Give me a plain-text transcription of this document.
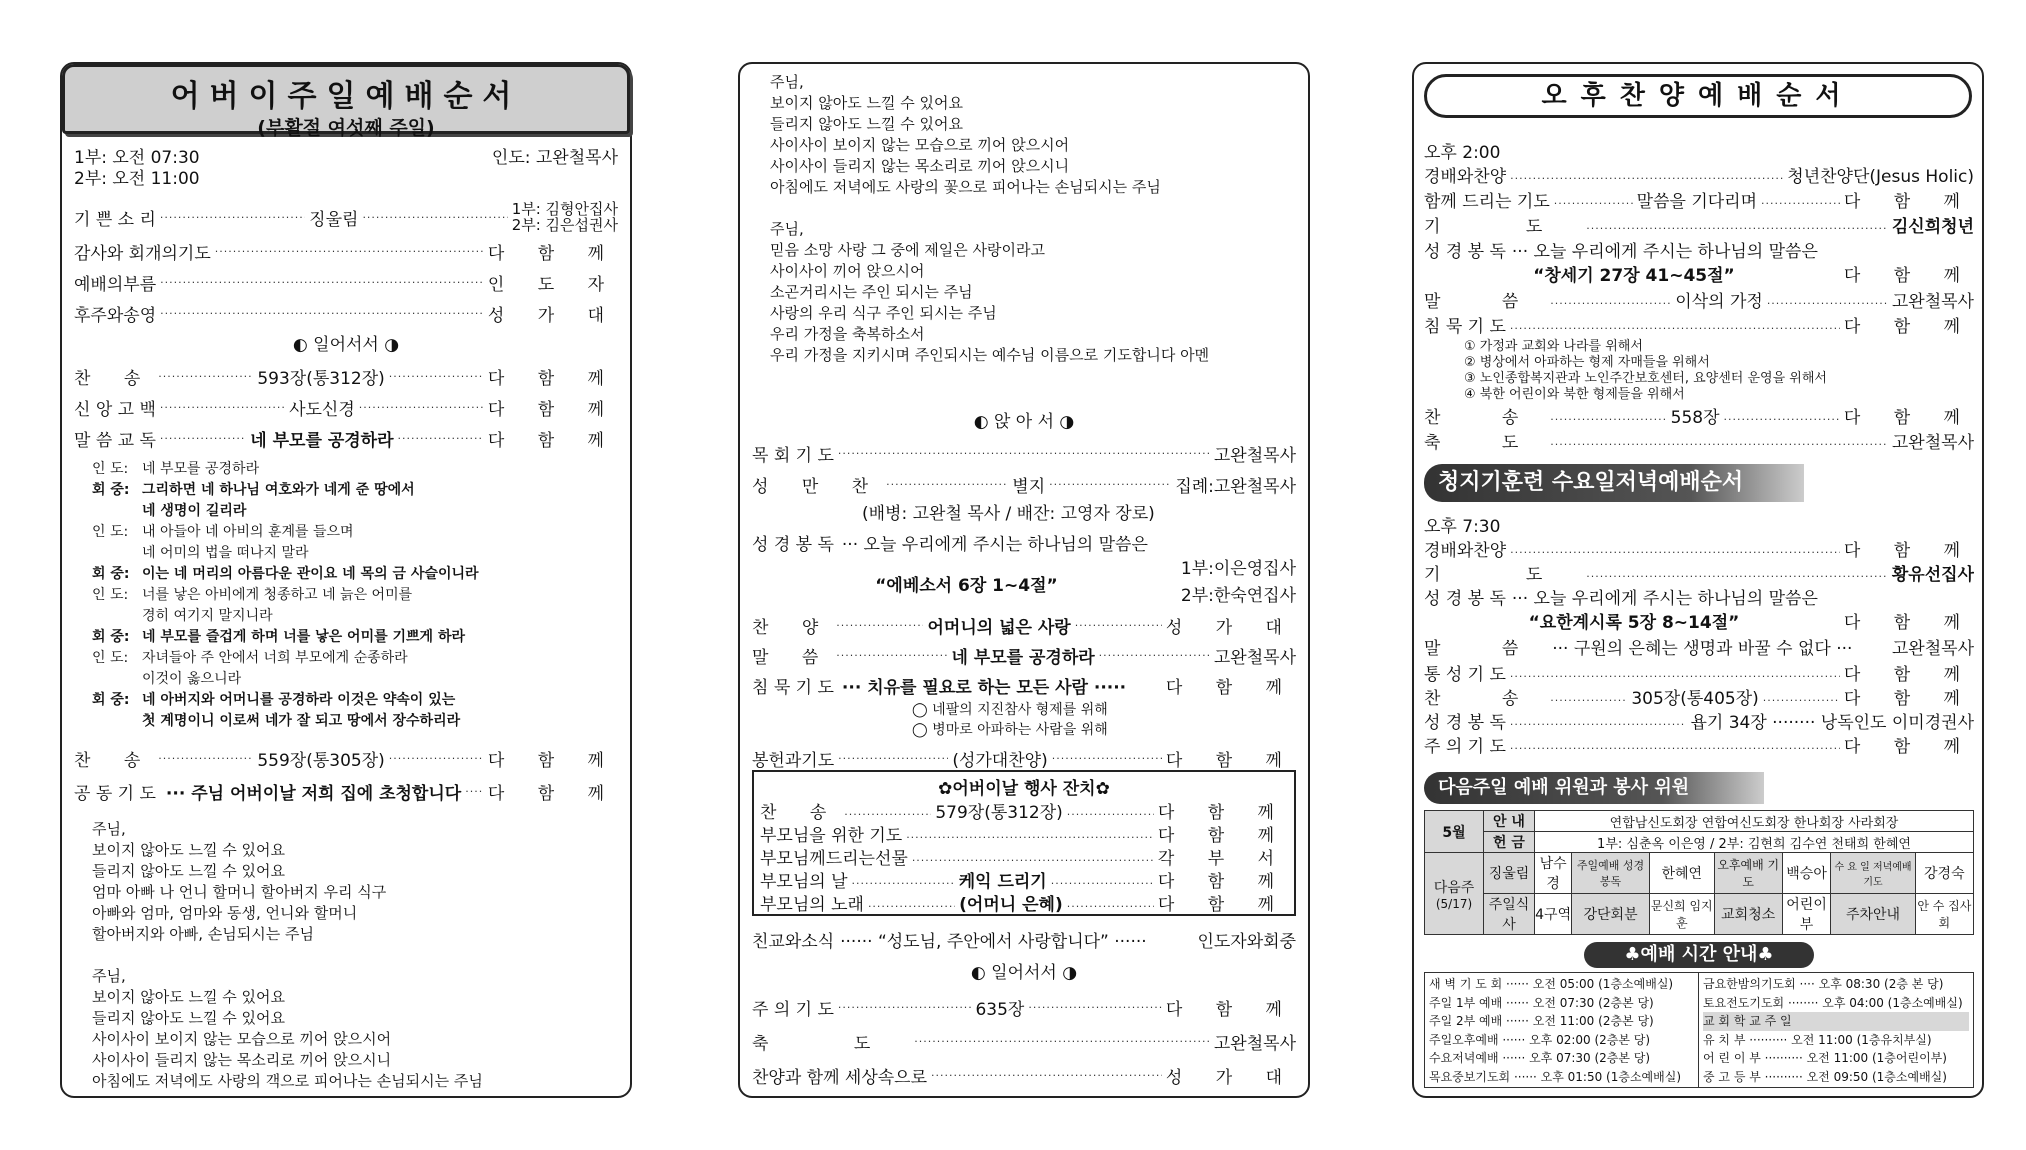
어버이주일예배순서
(부활절 여섯째 주일)
1부: 오전 07:30	인도: 고완철목사
2부: 오전 11:00
기 쁜 소 리 ·····	징울림
·····
1부: 김형안집사
2부: 김은섭권사
감사와 회개의기도 ·····	다 함 께
예배의부름 ·····	인 도 자
후주와송영 ·····	성 가 대
◐ 일어서서 ◑
찬 송 ·····	593장(통312장) ·····	다 함 께
신 앙 고 백 ·····	사도신경 ·····	다 함 께
말 씀 교 독 ·····	네 부모를 공경하라 ·····	다 함 께
인 도: 네 부모를 공경하라
회 중: 그리하면 네 하나님 여호와가 네게 준 땅에서
네 생명이 길리라
인 도: 내 아들아 네 아비의 훈계를 들으며
네 어미의 법을 떠나지 말라
회 중: 이는 네 머리의 아름다운 관이요 네 목의 금 사슬이니라
인 도: 너를 낳은 아비에게 청종하고 네 늙은 어미를
경히 여기지 말지니라
회 중: 네 부모를 즐겁게 하며 너를 낳은 어미를 기쁘게 하라
인 도: 자녀들아 주 안에서 너희 부모에게 순종하라
이것이 옳으니라
회 중: 네 아버지와 어머니를 공경하라 이것은 약속이 있는
첫 계명이니 이로써 네가 잘 되고 땅에서 장수하리라
찬 송 ·····	559장(통305장) ·····	다 함 께
공 동 기 도 ··· 주님 어버이날 저희 집에 초청합니다 ····· 다 함 께
주님,
보이지 않아도 느낄 수 있어요
들리지 않아도 느낄 수 있어요
엄마 아빠 나 언니 할머니 할아버지 우리 식구
아빠와 엄마, 엄마와 동생, 언니와 할머니
할아버지와 아빠, 손님되시는 주님
주님,
보이지 않아도 느낄 수 있어요
들리지 않아도 느낄 수 있어요
사이사이 보이지 않는 모습으로 끼어 앉으시어
사이사이 들리지 않는 목소리로 끼어 앉으시니
아침에도 저녁에도 사랑의 객으로 피어나는 손님되시는 주님
주님,
보이지 않아도 느낄 수 있어요
들리지 않아도 느낄 수 있어요
사이사이 보이지 않는 모습으로 끼어 앉으시어
사이사이 들리지 않는 목소리로 끼어 앉으시니
아침에도 저녁에도 사랑의 꽃으로 피어나는 손님되시는 주님
주님,
믿음 소망 사랑 그 중에 제일은 사랑이라고
사이사이 끼어 앉으시어
소곤거리시는 주인 되시는 주님
사랑의 우리 식구 주인 되시는 주님
우리 가정을 축복하소서
우리 가정을 지키시며 주인되시는 예수님 이름으로 기도합니다 아멘
◐ 앉 아 서 ◑
목 회 기 도 ·····	고완철목사
성 만 찬 ·····	별지 ·····	집례:고완철목사
(배병: 고완철 목사 / 배잔: 고영자 장로)
성 경 봉 독 ··· 오늘 우리에게 주시는 하나님의 말씀은
“에베소서 6장 1~4절”
1부:이은영집사
2부:한숙연집사
찬 양 ·····	어머니의 넓은 사랑 ·····	성 가 대
말 씀 ·····	네 부모를 공경하라 ·····	고완철목사
침 묵 기 도 ··· 치유를 필요로 하는 모든 사람 ····· 다 함 께
◯ 네팔의 지진참사 형제를 위해
◯ 병마로 아파하는 사람을 위해
봉헌과기도 ·····	(성가대찬양) ·····	다 함 께
✿어버이날 행사 잔치✿
찬 송 ·····	579장(통312장) ·····	다 함 께
부모님을 위한 기도 ·····	다 함 께
부모님께드리는선물 ·····	각 부 서
부모님의 날 ·····	케익 드리기 ·····	다 함 께
부모님의 노래 ·····	(어머니 은혜) ·····	다 함 께
친교와소식 ······ “성도님, 주안에서 사랑합니다” ······	인도자와회중
◐ 일어서서 ◑
주 의 기 도 ·····	635장 ·····	다 함 께
축 도 ·····	고완철목사
찬양과 함께 세상속으로 ·····	성 가 대
오후찬양예배순서
오후 2:00
경배와찬양 ·····	청년찬양단(Jesus Holic)
함께 드리는 기도 ·····	말씀을 기다리며 ·····	다 함 께
기 도 ·····	김신희청년
성 경 봉 독 ··· 오늘 우리에게 주시는 하나님의 말씀은
“창세기 27장 41~45절”	다 함 께
말 씀 ·····	이삭의 가정 ·····	고완철목사
침 묵 기 도 ·····	다 함 께
① 가정과 교회와 나라를 위해서
② 병상에서 아파하는 형제 자매들을 위해서
③ 노인종합복지관과 노인주간보호센터, 요양센터 운영을 위해서
④ 북한 어린이와 북한 형제들을 위해서
찬 송 ·····	558장 ·····	다 함 께
축 도 ·····	고완철목사
청지기훈련 수요일저녁예배순서
오후 7:30
경배와찬양 ·····	다 함 께
기 도 ·····	황유선집사
성 경 봉 독 ··· 오늘 우리에게 주시는 하나님의 말씀은
“요한계시록 5장 8~14절”	다 함 께
말 씀 ··· 구원의 은혜는 생명과 바꿀 수 없다 ··· 고완철목사
통 성 기 도 ·····	다 함 께
찬 송 ·····	305장(통405장) ·····	다 함 께
성 경 봉 독 ·····	욥기 34장 ········ 낭독인도 이미경권사
주 의 기 도 ·····	다 함 께
다음주일 예배 위원과 봉사 위원
5월	안 내	연합남신도회장 연합여신도회장 한나회장 사라회장						
	헌 금	1부: 심춘옥 이은영 / 2부: 김현희 김수연 천태희 한혜연						

다음주
(5/17)	징울림	남수경	주일예배 성경봉독	한혜연	오후예배 기 도	백승아	수 요 일 저녁예배기도	강경숙
	주일식사	4구역	강단회분	문신희 임지훈	교회청소	어린이부	주차안내	안 수 집사회
♣예배 시간 안내♣
새 벽 기 도 회 ······ 오전 05:00 (1층소예배실)
주일 1부 예배 ······ 오전 07:30 (2층본 당)
주일 2부 예배 ······ 오전 11:00 (2층본 당)
주일오후예배 ······ 오후 02:00 (2층본 당)
수요저녁예배 ······ 오후 07:30 (2층본 당)
목요중보기도회 ······ 오후 01:50 (1층소예배실)
금요한밤의기도회 ···· 오후 08:30 (2층 본 당)
토요전도기도회 ········ 오후 04:00 (1층소예배실)
교 회 학 교 주 일
유 치 부 ·········· 오전 11:00 (1층유치부실)
어 린 이 부 ·········· 오전 11:00 (1층어린이부)
중 고 등 부 ·········· 오전 09:50 (1층소예배실)
